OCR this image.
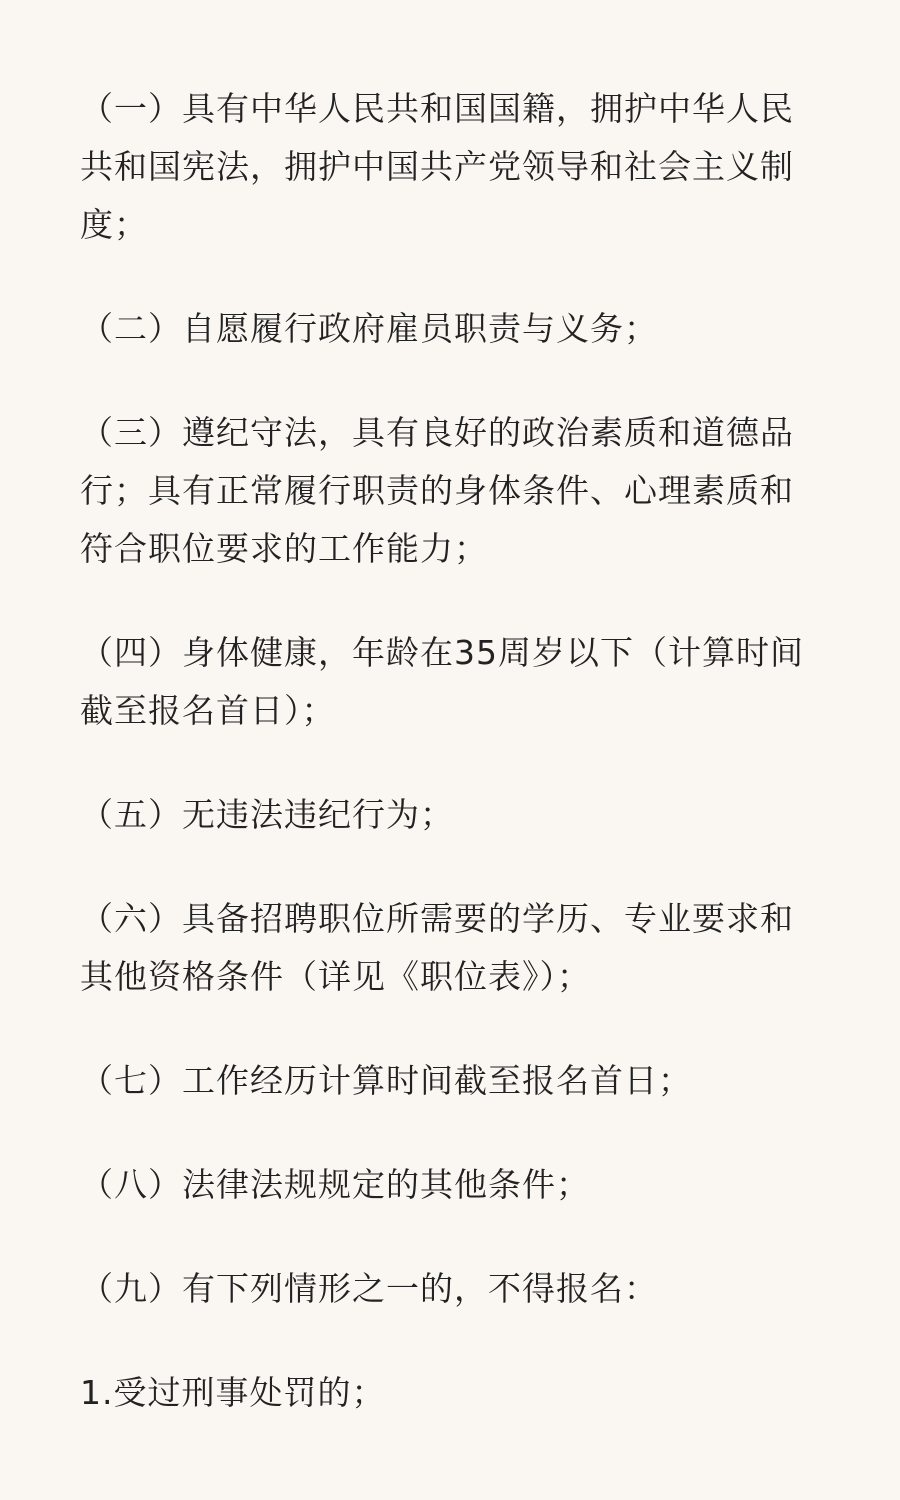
（一）具有中华人民共和国国籍，拥护中华人民共和国宪法，拥护中国共产党领导和社会主义制度；

（二）自愿履行政府雇员职责与义务；

（三）遵纪守法，具有良好的政治素质和道德品行；具有正常履行职责的身体条件、心理素质和符合职位要求的工作能力；

（四）身体健康，年龄在35周岁以下（计算时间截至报名首日）；

（五）无违法违纪行为；

（六）具备招聘职位所需要的学历、专业要求和其他资格条件（详见《职位表》）；

（七）工作经历计算时间截至报名首日；

（八）法律法规规定的其他条件；

（九）有下列情形之一的，不得报名：

1.受过刑事处罚的；
